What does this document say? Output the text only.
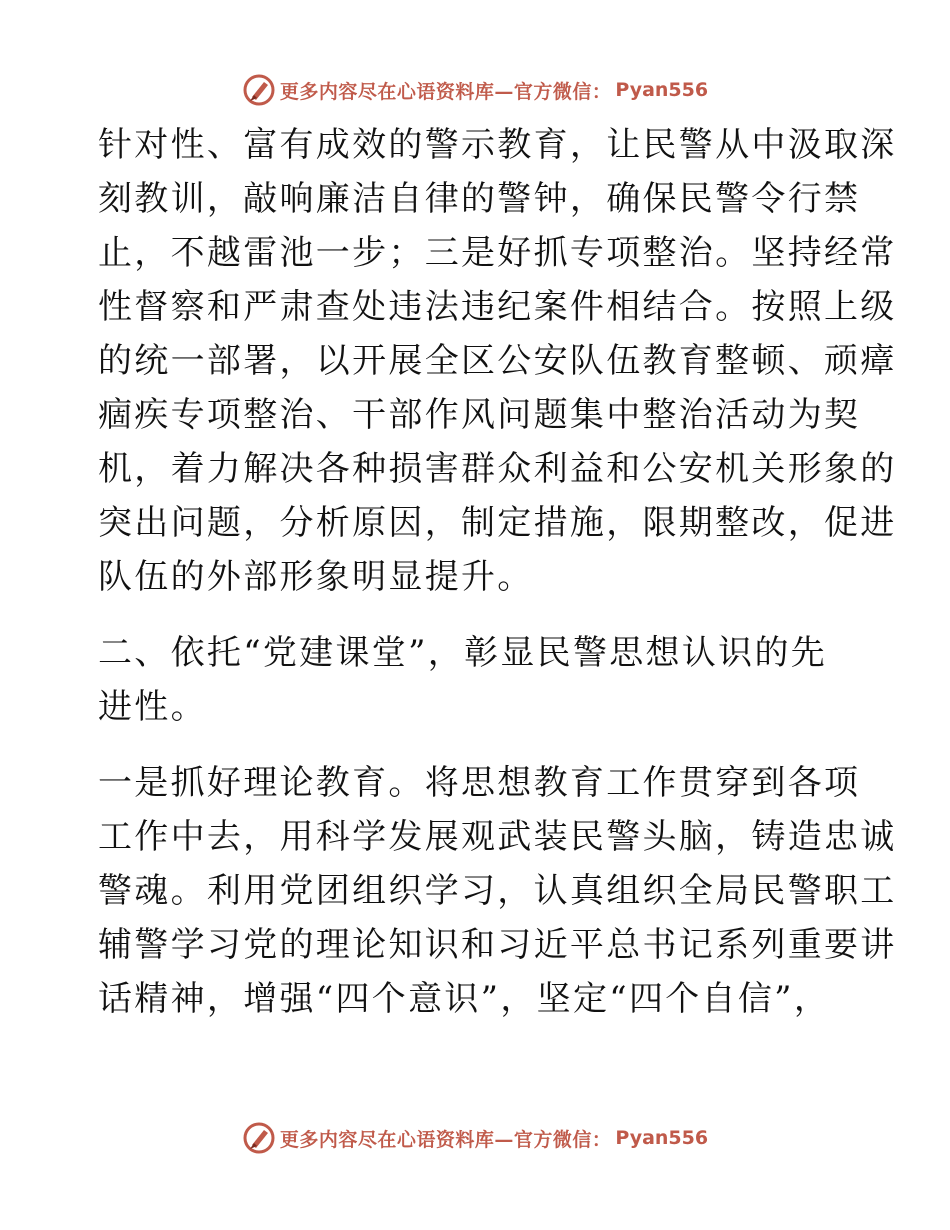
更多内容尽在心语资料库—官方微信： Pyan556
针对性、富有成效的警示教育，让民警从中汲取深
刻教训，敲响廉洁自律的警钟，确保民警令行禁
止，不越雷池一步；三是好抓专项整治。坚持经常
性督察和严肃查处违法违纪案件相结合。按照上级
的统一部署，以开展全区公安队伍教育整顿、顽瘴
痼疾专项整治、干部作风问题集中整治活动为契
机，着力解决各种损害群众利益和公安机关形象的
突出问题，分析原因，制定措施，限期整改，促进
队伍的外部形象明显提升。
二、依托“党建课堂”，彰显民警思想认识的先
进性。
一是抓好理论教育。将思想教育工作贯穿到各项
工作中去，用科学发展观武装民警头脑，铸造忠诚
警魂。利用党团组织学习，认真组织全局民警职工
辅警学习党的理论知识和习近平总书记系列重要讲
话精神，增强“四个意识”，坚定“四个自信”，
更多内容尽在心语资料库—官方微信： Pyan556
